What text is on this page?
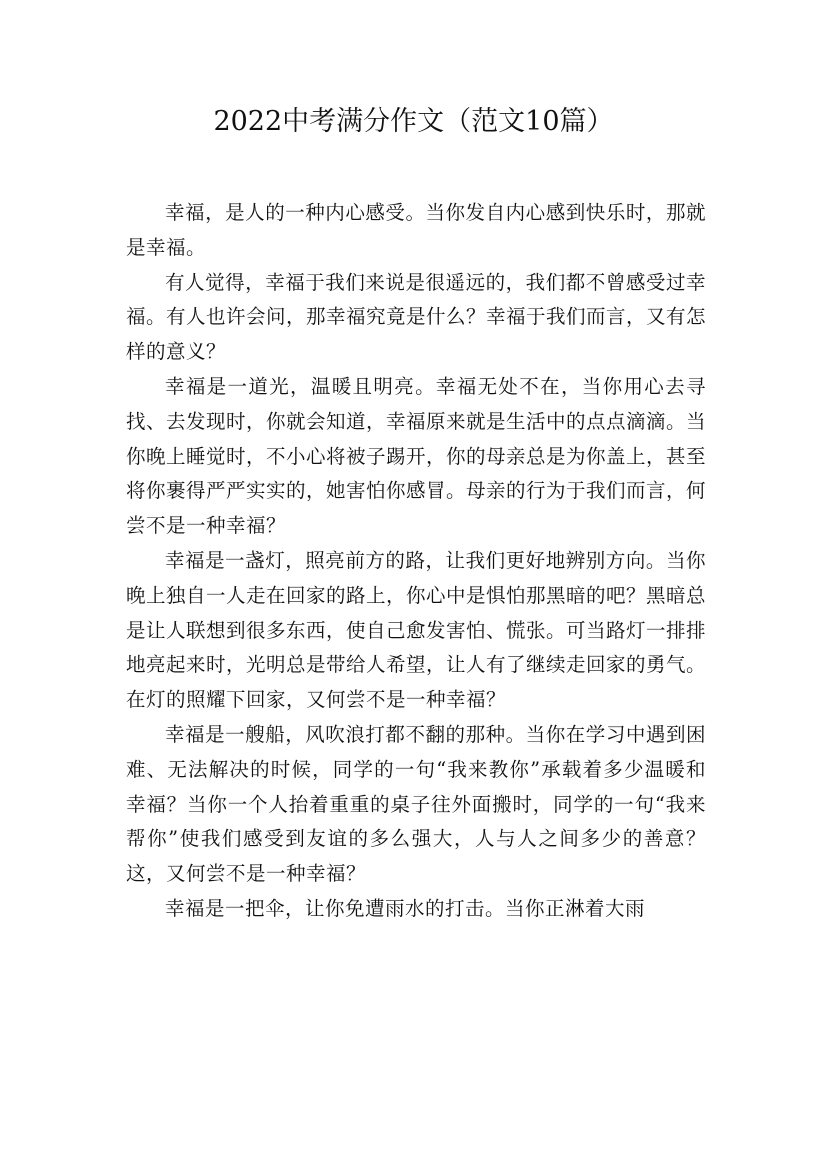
2022中考满分作文（范文10篇）

幸福，是人的一种内心感受。当你发自内心感到快乐时，那就是幸福。

有人觉得，幸福于我们来说是很遥远的，我们都不曾感受过幸福。有人也许会问，那幸福究竟是什么？幸福于我们而言，又有怎样的意义？

幸福是一道光，温暖且明亮。幸福无处不在，当你用心去寻找、去发现时，你就会知道，幸福原来就是生活中的点点滴滴。当你晚上睡觉时，不小心将被子踢开，你的母亲总是为你盖上，甚至将你裹得严严实实的，她害怕你感冒。母亲的行为于我们而言，何尝不是一种幸福？

幸福是一盏灯，照亮前方的路，让我们更好地辨别方向。当你晚上独自一人走在回家的路上，你心中是惧怕那黑暗的吧？黑暗总是让人联想到很多东西，使自己愈发害怕、慌张。可当路灯一排排地亮起来时，光明总是带给人希望，让人有了继续走回家的勇气。在灯的照耀下回家，又何尝不是一种幸福？

幸福是一艘船，风吹浪打都不翻的那种。当你在学习中遇到困难、无法解决的时候，同学的一句“我来教你”承载着多少温暖和幸福？当你一个人抬着重重的桌子往外面搬时，同学的一句“我来帮你”使我们感受到友谊的多么强大，人与人之间多少的善意？这，又何尝不是一种幸福？

幸福是一把伞，让你免遭雨水的打击。当你正淋着大雨
